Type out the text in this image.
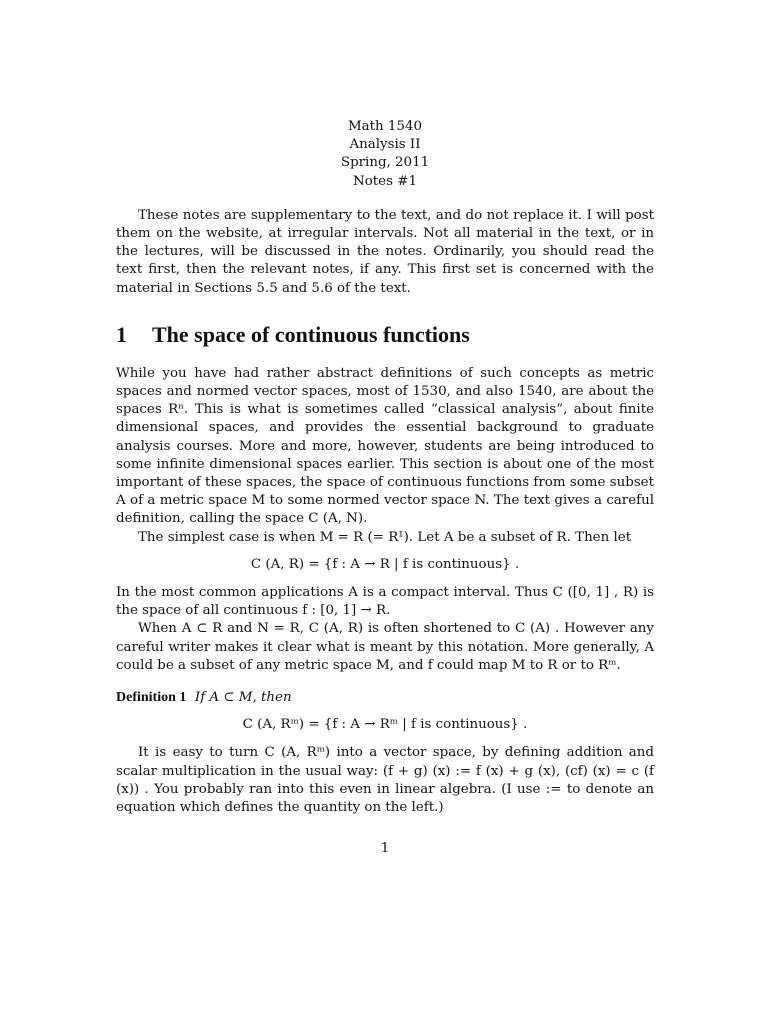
Math 1540
Analysis II
Spring, 2011
Notes #1

These notes are supplementary to the text, and do not replace it. I will post them on the website, at irregular intervals. Not all material in the text, or in the lectures, will be discussed in the notes. Ordinarily, you should read the text first, then the relevant notes, if any. This first set is concerned with the material in Sections 5.5 and 5.6 of the text.

1 The space of continuous functions

While you have had rather abstract definitions of such concepts as metric spaces and normed vector spaces, most of 1530, and also 1540, are about the spaces Rⁿ. This is what is sometimes called “classical analysis”, about finite dimensional spaces, and provides the essential background to graduate analysis courses. More and more, however, students are being introduced to some infinite dimensional spaces earlier. This section is about one of the most important of these spaces, the space of continuous functions from some subset A of a metric space M to some normed vector space N. The text gives a careful definition, calling the space C (A, N).

The simplest case is when M = R (= R¹). Let A be a subset of R. Then let

C (A, R) = {f : A → R | f is continuous} .

In the most common applications A is a compact interval. Thus C ([0, 1] , R) is the space of all continuous f : [0, 1] → R.

When A ⊂ R and N = R, C (A, R) is often shortened to C (A) . However any careful writer makes it clear what is meant by this notation. More generally, A could be a subset of any metric space M, and f could map M to R or to Rᵐ.

Definition 1 If A ⊂ M, then
C (A, Rᵐ) = {f : A → Rᵐ | f is continuous} .

It is easy to turn C (A, Rᵐ) into a vector space, by defining addition and scalar multiplication in the usual way: (f + g) (x) := f (x) + g (x), (cf) (x) = c (f (x)) . You probably ran into this even in linear algebra. (I use := to denote an equation which defines the quantity on the left.)

1
